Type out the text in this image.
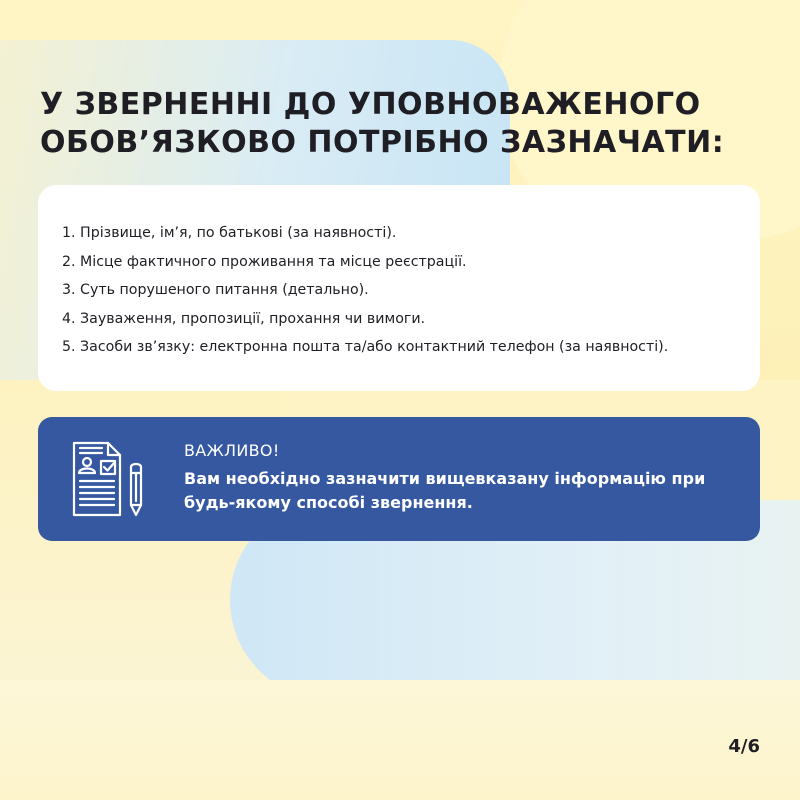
У ЗВЕРНЕННІ ДО УПОВНОВАЖЕНОГО ОБОВ’ЯЗКОВО ПОТРІБНО ЗАЗНАЧАТИ:
1. Прізвище, ім’я, по батькові (за наявності).
2. Місце фактичного проживання та місце реєстрації.
3. Суть порушеного питання (детально).
4. Зауваження, пропозиції, прохання чи вимоги.
5. Засоби зв’язку: електронна пошта та/або контактний телефон (за наявності).

ВАЖЛИВО!

Вам необхідно зазначити вищевказану інформацію при будь-якому способі звернення.

4/6
